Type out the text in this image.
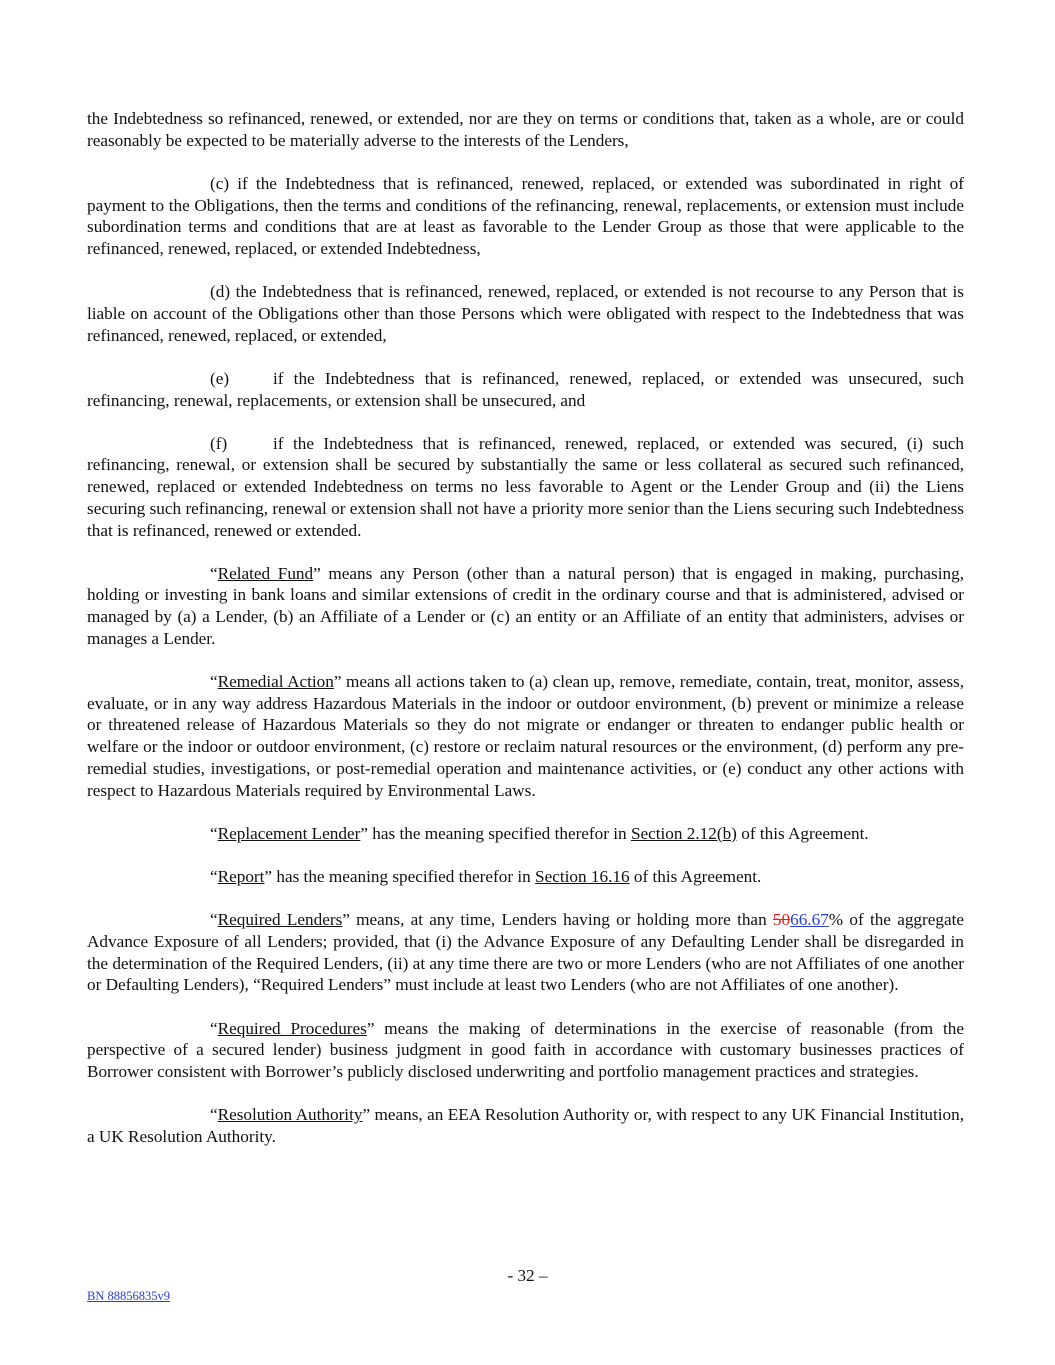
the Indebtedness so refinanced, renewed, or extended, nor are they on terms or conditions that, taken as a whole, are or could reasonably be expected to be materially adverse to the interests of the Lenders,

(c) if the Indebtedness that is refinanced, renewed, replaced, or extended was subordinated in right of payment to the Obligations, then the terms and conditions of the refinancing, renewal, replacements, or extension must include subordination terms and conditions that are at least as favorable to the Lender Group as those that were applicable to the refinanced, renewed, replaced, or extended Indebtedness,

(d) the Indebtedness that is refinanced, renewed, replaced, or extended is not recourse to any Person that is liable on account of the Obligations other than those Persons which were obligated with respect to the Indebtedness that was refinanced, renewed, replaced, or extended,

(e)	if the Indebtedness that is refinanced, renewed, replaced, or extended was unsecured, such refinancing, renewal, replacements, or extension shall be unsecured, and

(f)	if the Indebtedness that is refinanced, renewed, replaced, or extended was secured, (i) such refinancing, renewal, or extension shall be secured by substantially the same or less collateral as secured such refinanced, renewed, replaced or extended Indebtedness on terms no less favorable to Agent or the Lender Group and (ii) the Liens securing such refinancing, renewal or extension shall not have a priority more senior than the Liens securing such Indebtedness that is refinanced, renewed or extended.

“Related Fund” means any Person (other than a natural person) that is engaged in making, purchasing, holding or investing in bank loans and similar extensions of credit in the ordinary course and that is administered, advised or managed by (a) a Lender, (b) an Affiliate of a Lender or (c) an entity or an Affiliate of an entity that administers, advises or manages a Lender.

“Remedial Action” means all actions taken to (a) clean up, remove, remediate, contain, treat, monitor, assess, evaluate, or in any way address Hazardous Materials in the indoor or outdoor environment, (b) prevent or minimize a release or threatened release of Hazardous Materials so they do not migrate or endanger or threaten to endanger public health or welfare or the indoor or outdoor environment, (c) restore or reclaim natural resources or the environment, (d) perform any pre-remedial studies, investigations, or post-remedial operation and maintenance activities, or (e) conduct any other actions with respect to Hazardous Materials required by Environmental Laws.

“Replacement Lender” has the meaning specified therefor in Section 2.12(b) of this Agreement.

“Report” has the meaning specified therefor in Section 16.16 of this Agreement.

“Required Lenders” means, at any time, Lenders having or holding more than 5066.67% of the aggregate Advance Exposure of all Lenders; provided, that (i) the Advance Exposure of any Defaulting Lender shall be disregarded in the determination of the Required Lenders, (ii) at any time there are two or more Lenders (who are not Affiliates of one another or Defaulting Lenders), “Required Lenders” must include at least two Lenders (who are not Affiliates of one another).

“Required Procedures” means the making of determinations in the exercise of reasonable (from the perspective of a secured lender) business judgment in good faith in accordance with customary businesses practices of Borrower consistent with Borrower’s publicly disclosed underwriting and portfolio management practices and strategies.

“Resolution Authority” means, an EEA Resolution Authority or, with respect to any UK Financial Institution, a UK Resolution Authority.

- 32 –
BN 88856835v9
